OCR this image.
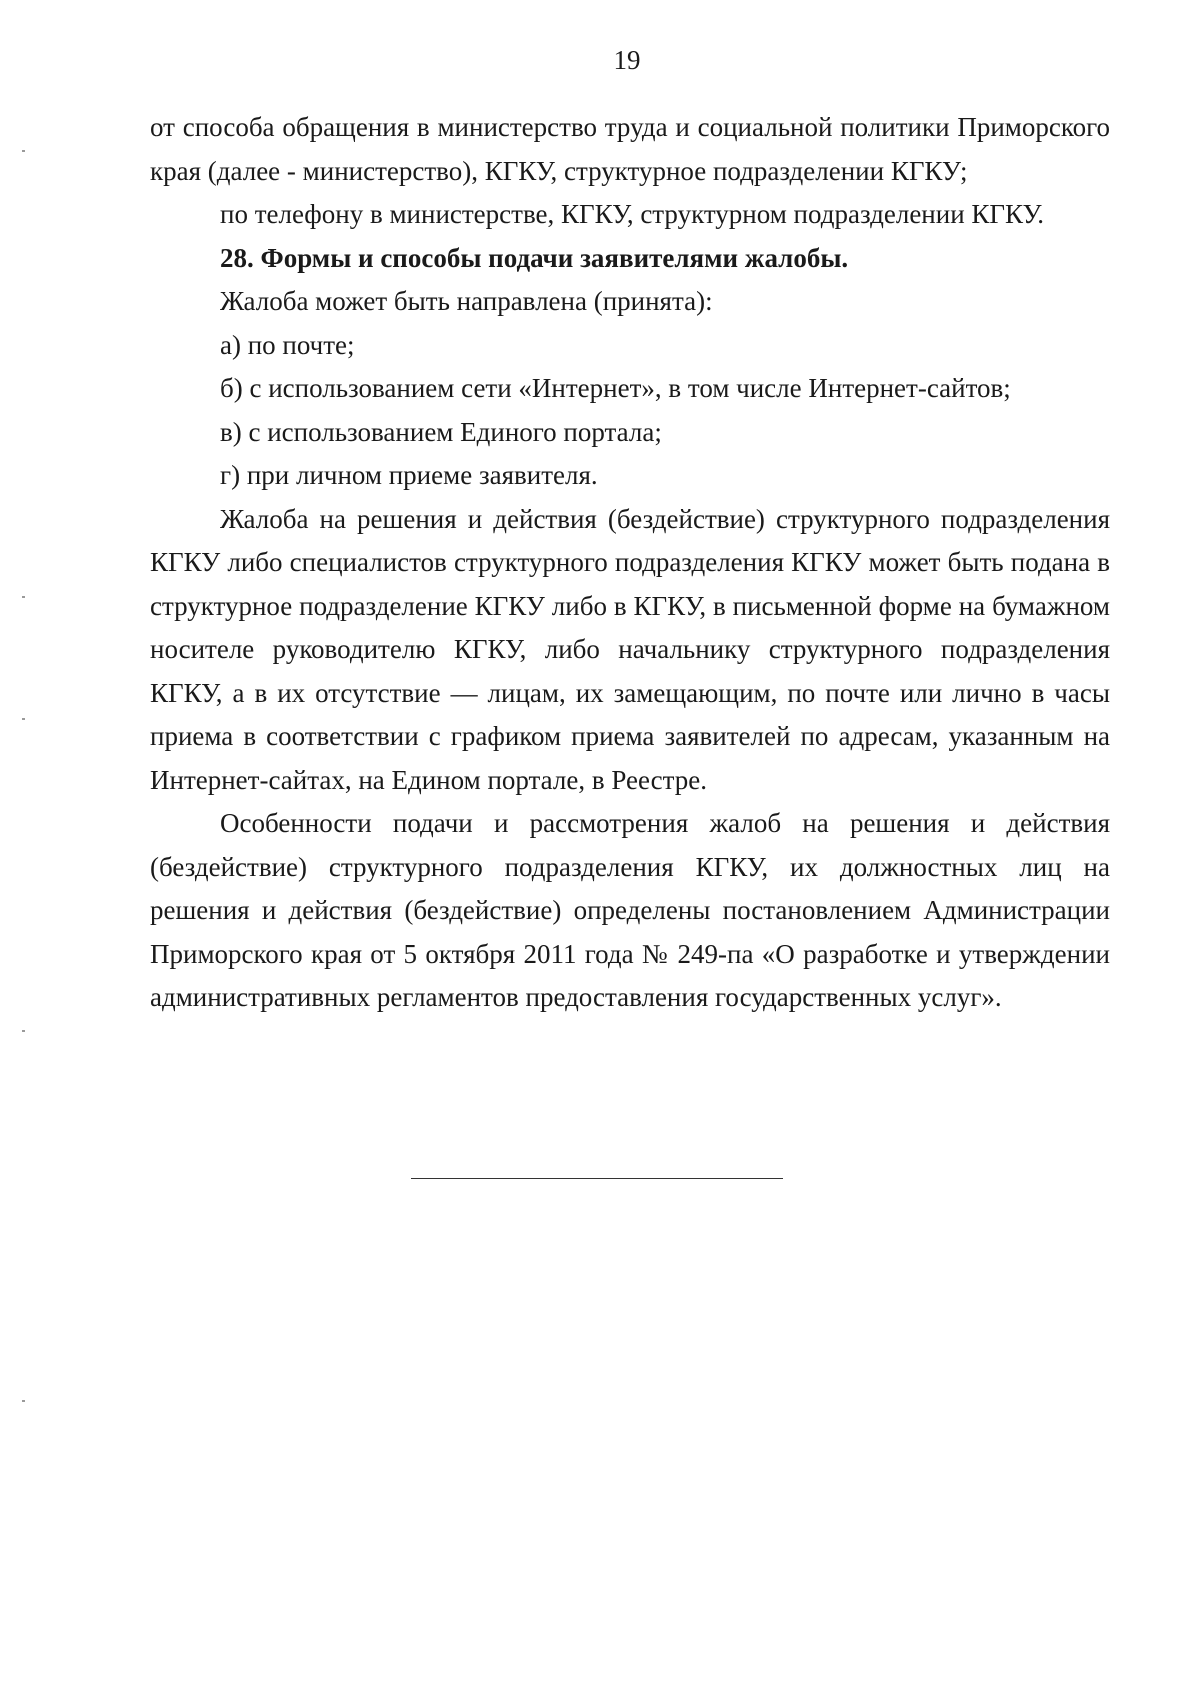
19

от способа обращения в министерство труда и социальной политики Приморского края (далее - министерство), КГКУ, структурное подразделении КГКУ;

по телефону в министерстве, КГКУ, структурном подразделении КГКУ.

28. Формы и способы подачи заявителями жалобы.

Жалоба может быть направлена (принята):

а) по почте;

б) с использованием сети «Интернет», в том числе Интернет-сайтов;

в) с использованием Единого портала;

г) при личном приеме заявителя.

Жалоба на решения и действия (бездействие) структурного подразделения КГКУ либо специалистов структурного подразделения КГКУ может быть подана в структурное подразделение КГКУ либо в КГКУ, в письменной форме на бумажном носителе руководителю КГКУ, либо начальнику структурного подразделения КГКУ, а в их отсутствие — лицам, их замещающим, по почте или лично в часы приема в соответствии с графиком приема заявителей по адресам, указанным на Интернет-сайтах, на Едином портале, в Реестре.

Особенности подачи и рассмотрения жалоб на решения и действия (бездействие) структурного подразделения КГКУ, их должностных лиц на решения и действия (бездействие) определены постановлением Администрации Приморского края от 5 октября 2011 года № 249-па «О разработке и утверждении административных регламентов предоставления государственных услуг».
